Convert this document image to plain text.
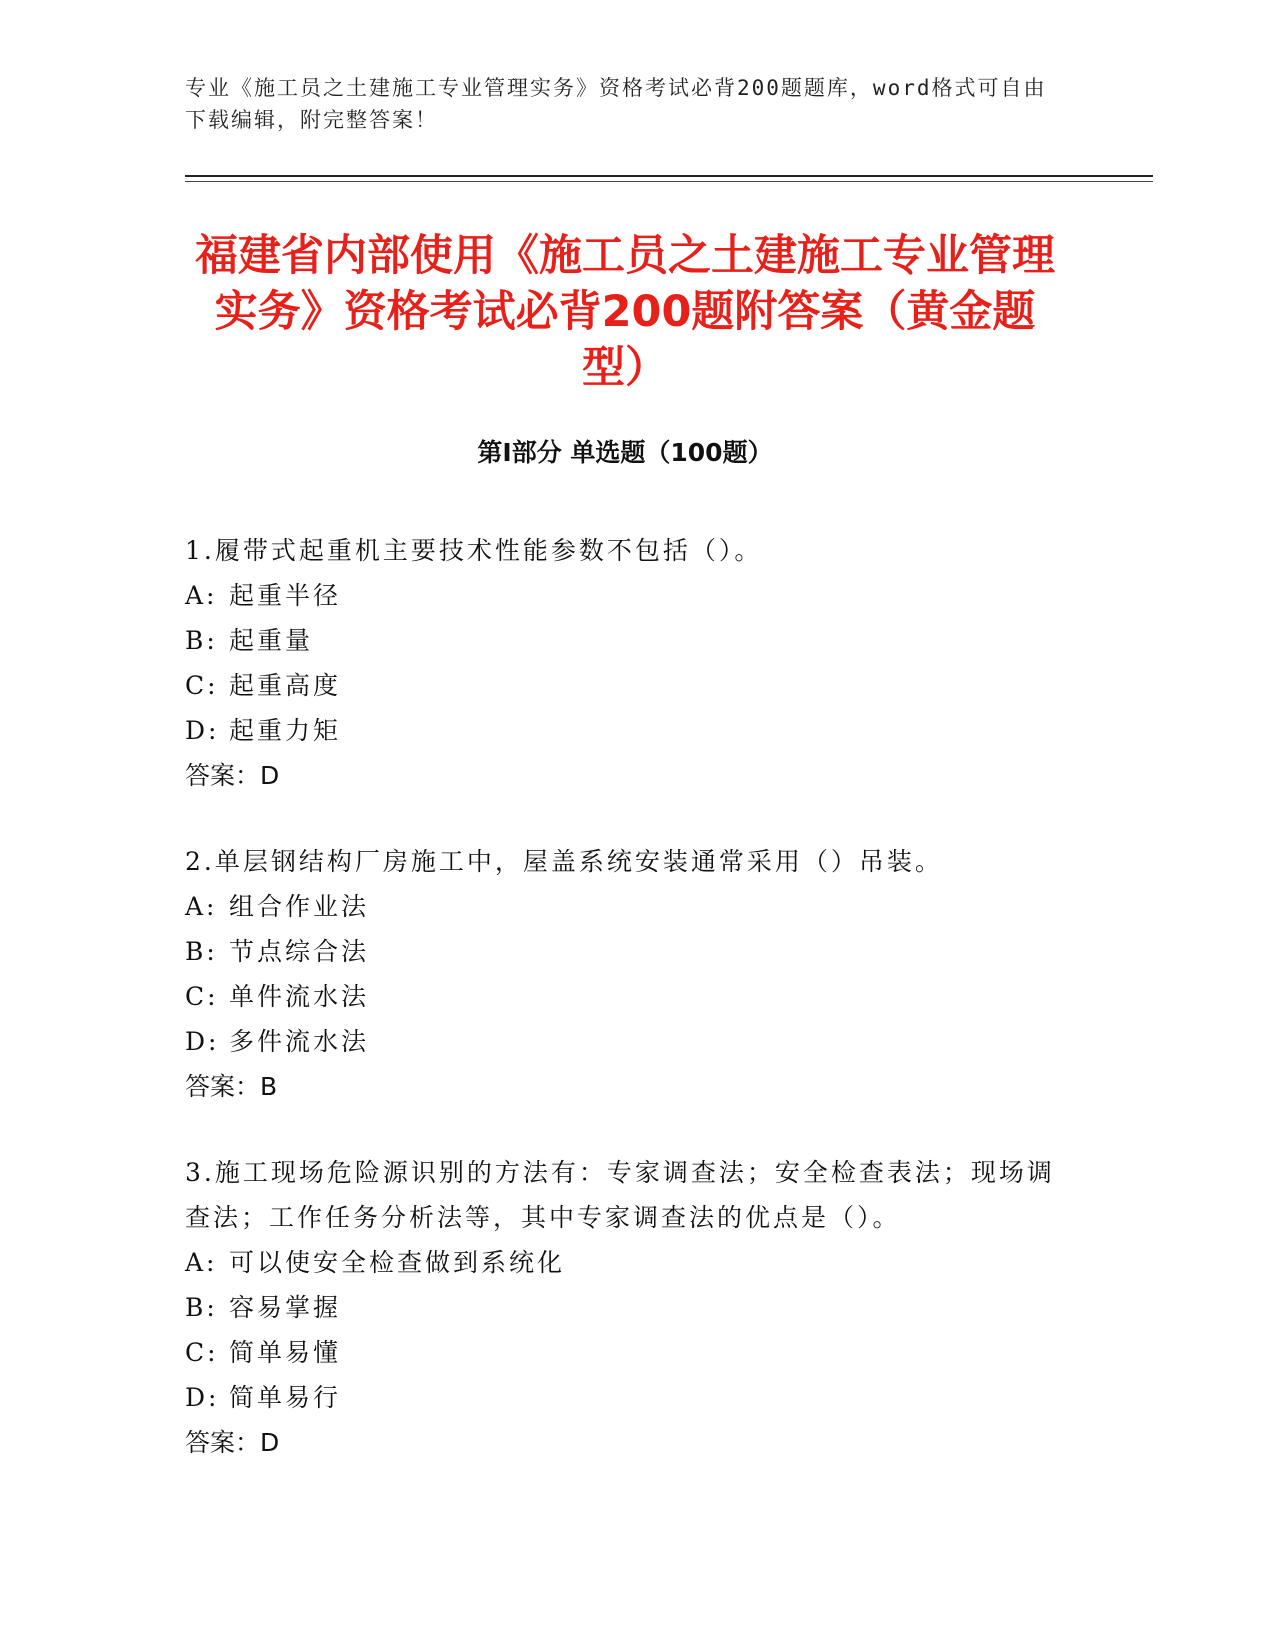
专业《施工员之土建施工专业管理实务》资格考试必背200题题库，word格式可自由下载编辑，附完整答案！
福建省内部使用《施工员之土建施工专业管理实务》资格考试必背200题附答案（黄金题型）
第I部分 单选题（100题）
1.履带式起重机主要技术性能参数不包括（）。
A: 起重半径
B: 起重量
C: 起重高度
D: 起重力矩
答案：D
2.单层钢结构厂房施工中，屋盖系统安装通常采用（）吊装。
A: 组合作业法
B: 节点综合法
C: 单件流水法
D: 多件流水法
答案：B
3.施工现场危险源识别的方法有：专家调查法；安全检查表法；现场调查法；工作任务分析法等，其中专家调查法的优点是（）。
A: 可以使安全检查做到系统化
B: 容易掌握
C: 简单易懂
D: 简单易行
答案：D
